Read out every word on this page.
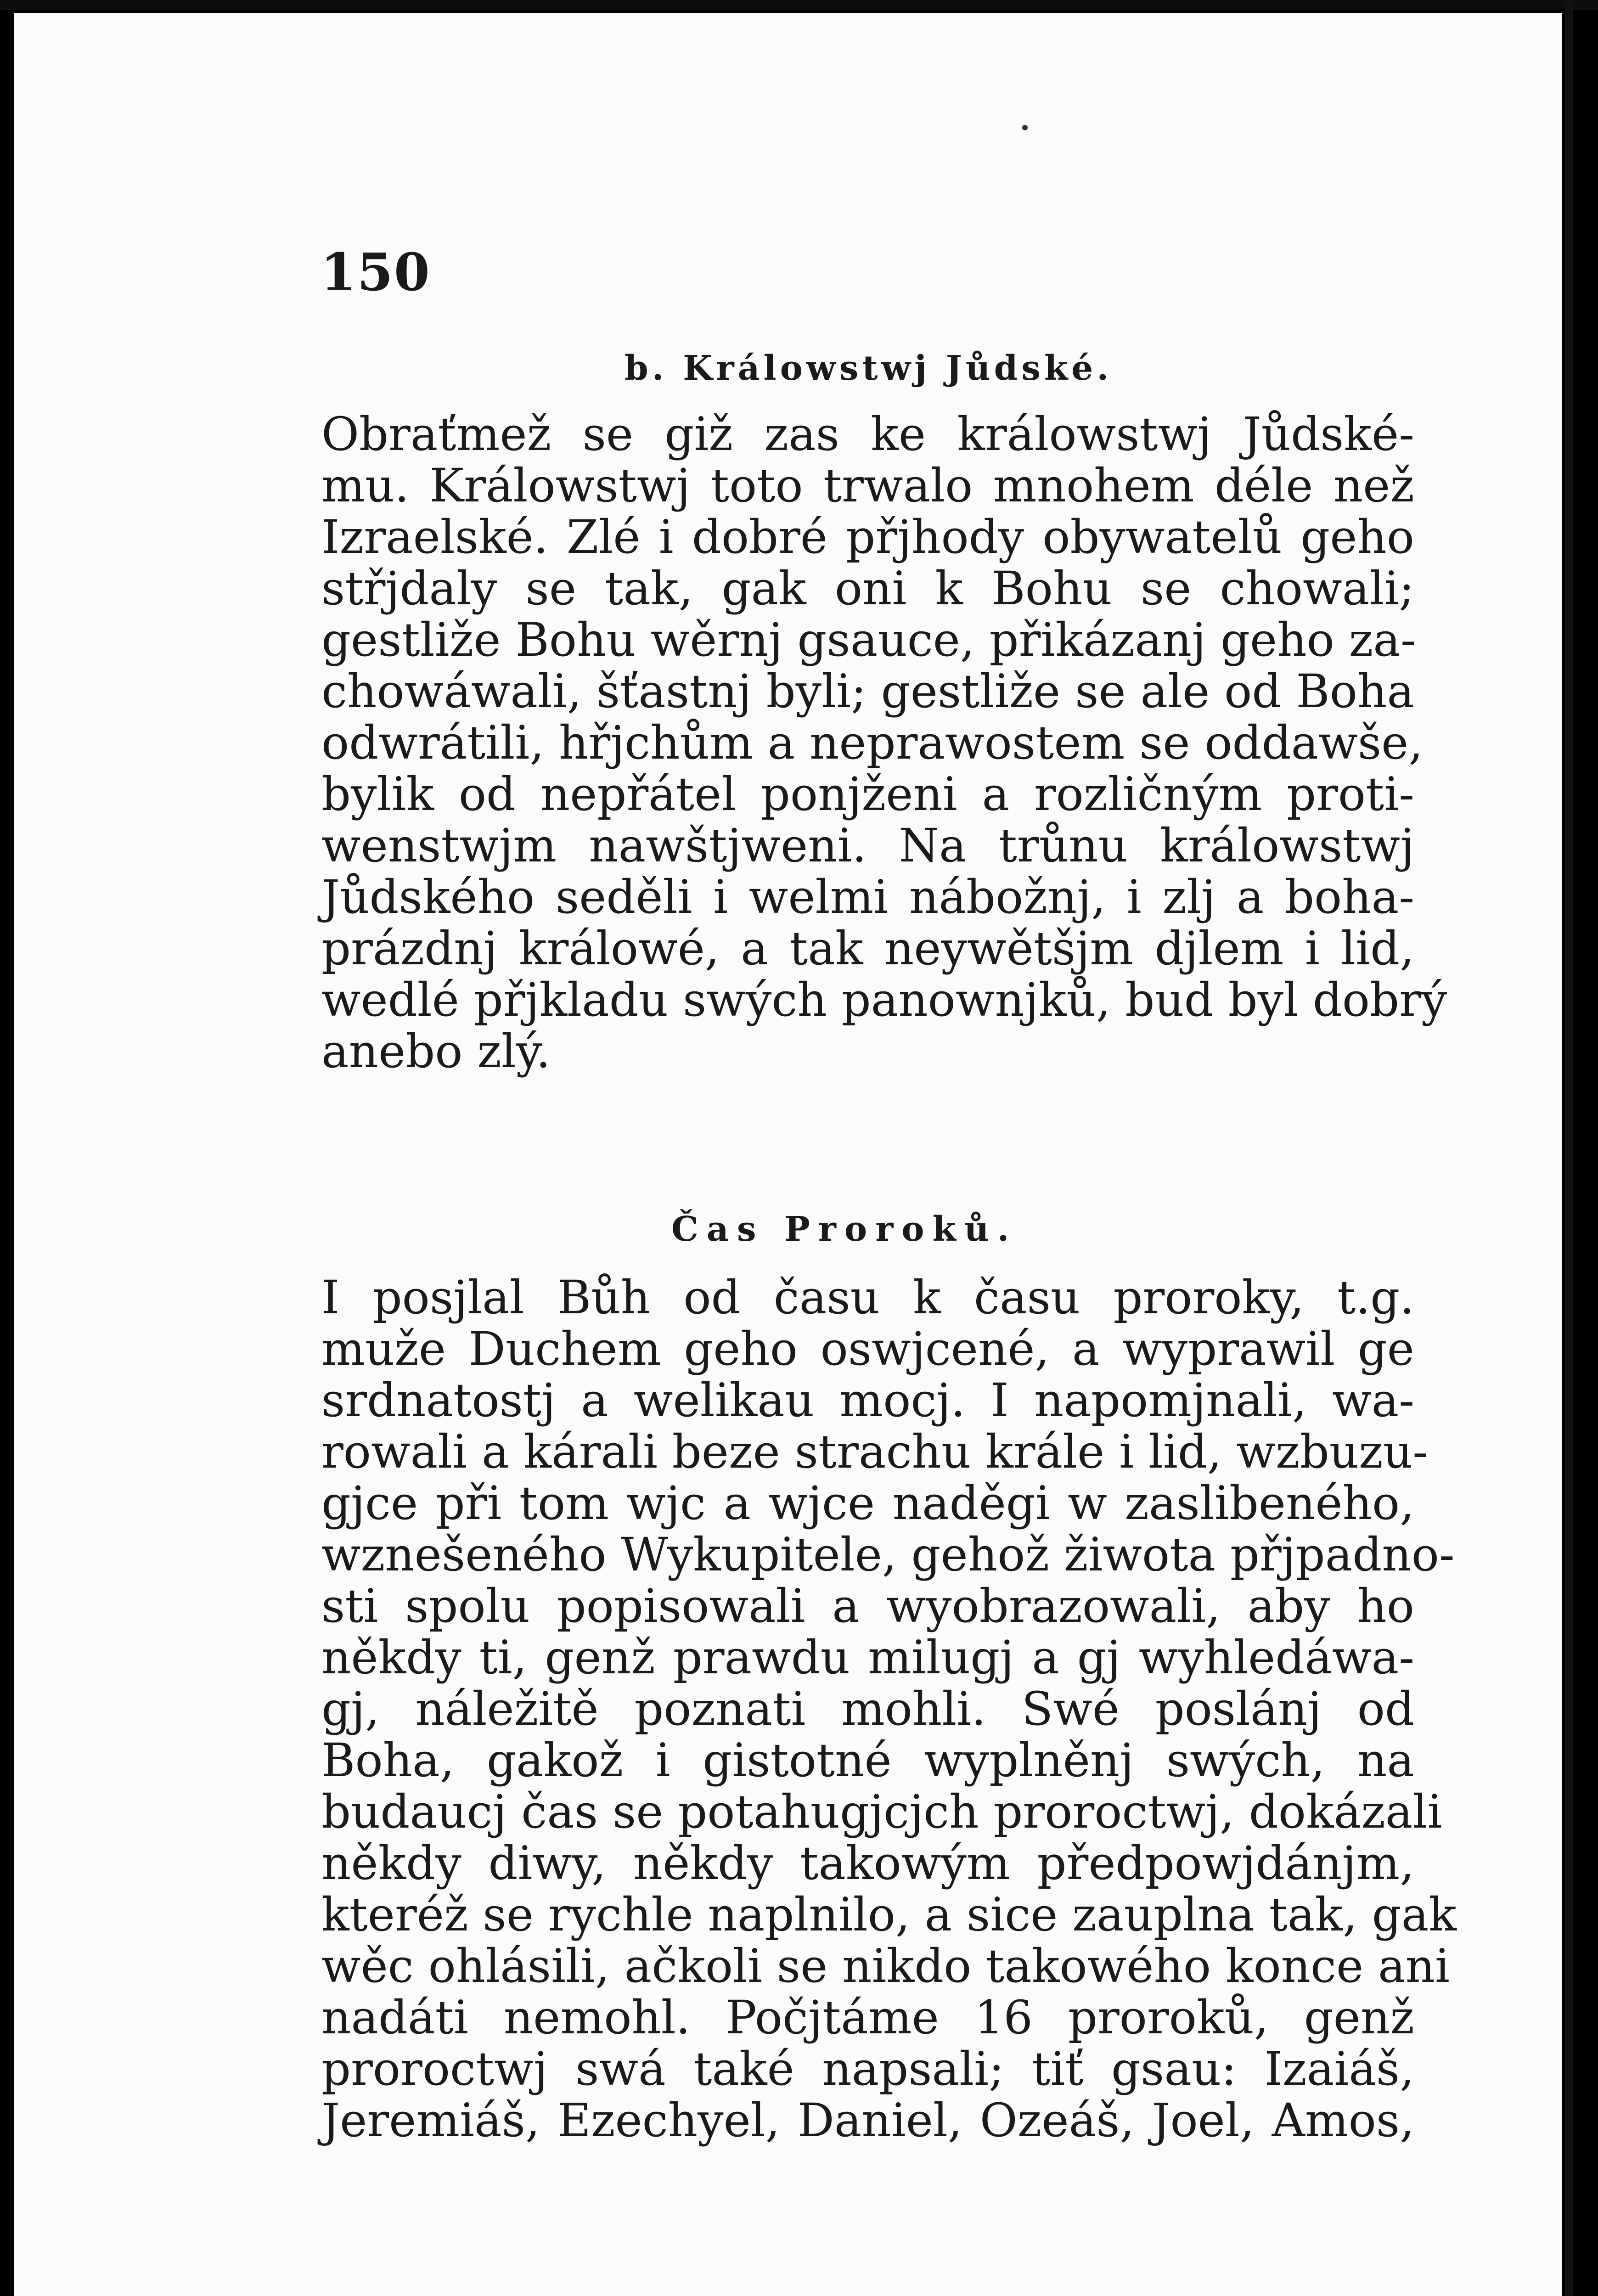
150
b. Králowstwj Jůdské.
Obraťmež se giž zas ke králowstwj Jůdské-
mu. Králowstwj toto trwalo mnohem déle než
Izraelské. Zlé i dobré přjhody obywatelů geho
střjdaly se tak, gak oni k Bohu se chowali;
gestliže Bohu wěrnj gsauce, přikázanj geho za-
chowáwali, šťastnj byli; gestliže se ale od Boha
odwrátili, hřjchům a neprawostem se oddawše,
bylik od nepřátel ponjženi a rozličným proti-
wenstwjm nawštjweni. Na trůnu králowstwj
Jůdského seděli i welmi nábožnj, i zlj a boha-
prázdnj králowé, a tak neywětšjm djlem i lid,
wedlé přjkladu swých panownjků, bud byl dobrý
anebo zlý.
Čas Proroků.
I posjlal Bůh od času k času proroky, t.g.
muže Duchem geho oswjcené, a wyprawil ge
srdnatostj a welikau mocj. I napomjnali, wa-
rowali a kárali beze strachu krále i lid, wzbuzu-
gjce při tom wjc a wjce naděgi w zaslibeného,
wznešeného Wykupitele, gehož žiwota přjpadno-
sti spolu popisowali a wyobrazowali, aby ho
někdy ti, genž prawdu milugj a gj wyhledáwa-
gj, náležitě poznati mohli. Swé poslánj od
Boha, gakož i gistotné wyplněnj swých, na
budaucj čas se potahugjcjch proroctwj, dokázali
někdy diwy, někdy takowým předpowjdánjm,
kteréž se rychle naplnilo, a sice zauplna tak, gak
wěc ohlásili, ačkoli se nikdo takowého konce ani
nadáti nemohl. Počjtáme 16 proroků, genž
proroctwj swá také napsali; tiť gsau: Izaiáš,
Jeremiáš, Ezechyel, Daniel, Ozeáš, Joel, Amos,
